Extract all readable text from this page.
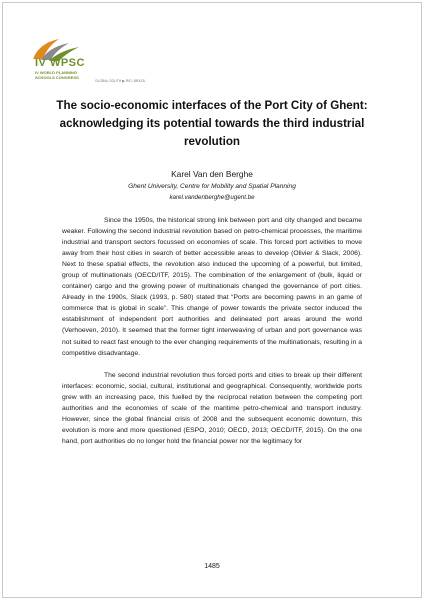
IV WPSC
IV WORLD PLANNING SCHOOLS CONGRESS
GLOBAL SOUTH ▶ RIO, BRAZIL
The socio-economic interfaces of the Port City of Ghent: acknowledging its potential towards the third industrial revolution
Karel Van den Berghe
Ghent University, Centre for Mobility and Spatial Planning
karel.vandenberghe@ugent.be

Since the 1950s, the historical strong link between port and city changed and became weaker. Following the second industrial revolution based on petro-chemical processes, the maritime industrial and transport sectors focussed on economies of scale. This forced port activities to move away from their host cities in search of better accessible areas to develop (Olivier & Slack, 2006). Next to these spatial effects, the revolution also induced the upcoming of a powerful, but limited, group of multinationals (OECD/ITF, 2015). The combination of the enlargement of (bulk, liquid or container) cargo and the growing power of multinationals changed the governance of port cities. Already in the 1990s, Slack (1993, p. 580) stated that “Ports are becoming pawns in an game of commerce that is global in scale”. This change of power towards the private sector induced the establishment of independent port authorities and delineated port areas around the world (Verhoeven, 2010). It seemed that the former tight interweaving of urban and port governance was not suited to react fast enough to the ever changing requirements of the multinationals, resulting in a competitive disadvantage.

The second industrial revolution thus forced ports and cities to break up their different interfaces: economic, social, cultural, institutional and geographical. Consequently, worldwide ports grew with an increasing pace, this fuelled by the reciprocal relation between the competing port authorities and the economies of scale of the maritime petro-chemical and transport industry. However, since the global financial crisis of 2008 and the subsequent economic downturn, this evolution is more and more questioned (ESPO, 2010; OECD, 2013; OECD/ITF, 2015). On the one hand, port authorities do no longer hold the financial power nor the legitimacy for

1485
